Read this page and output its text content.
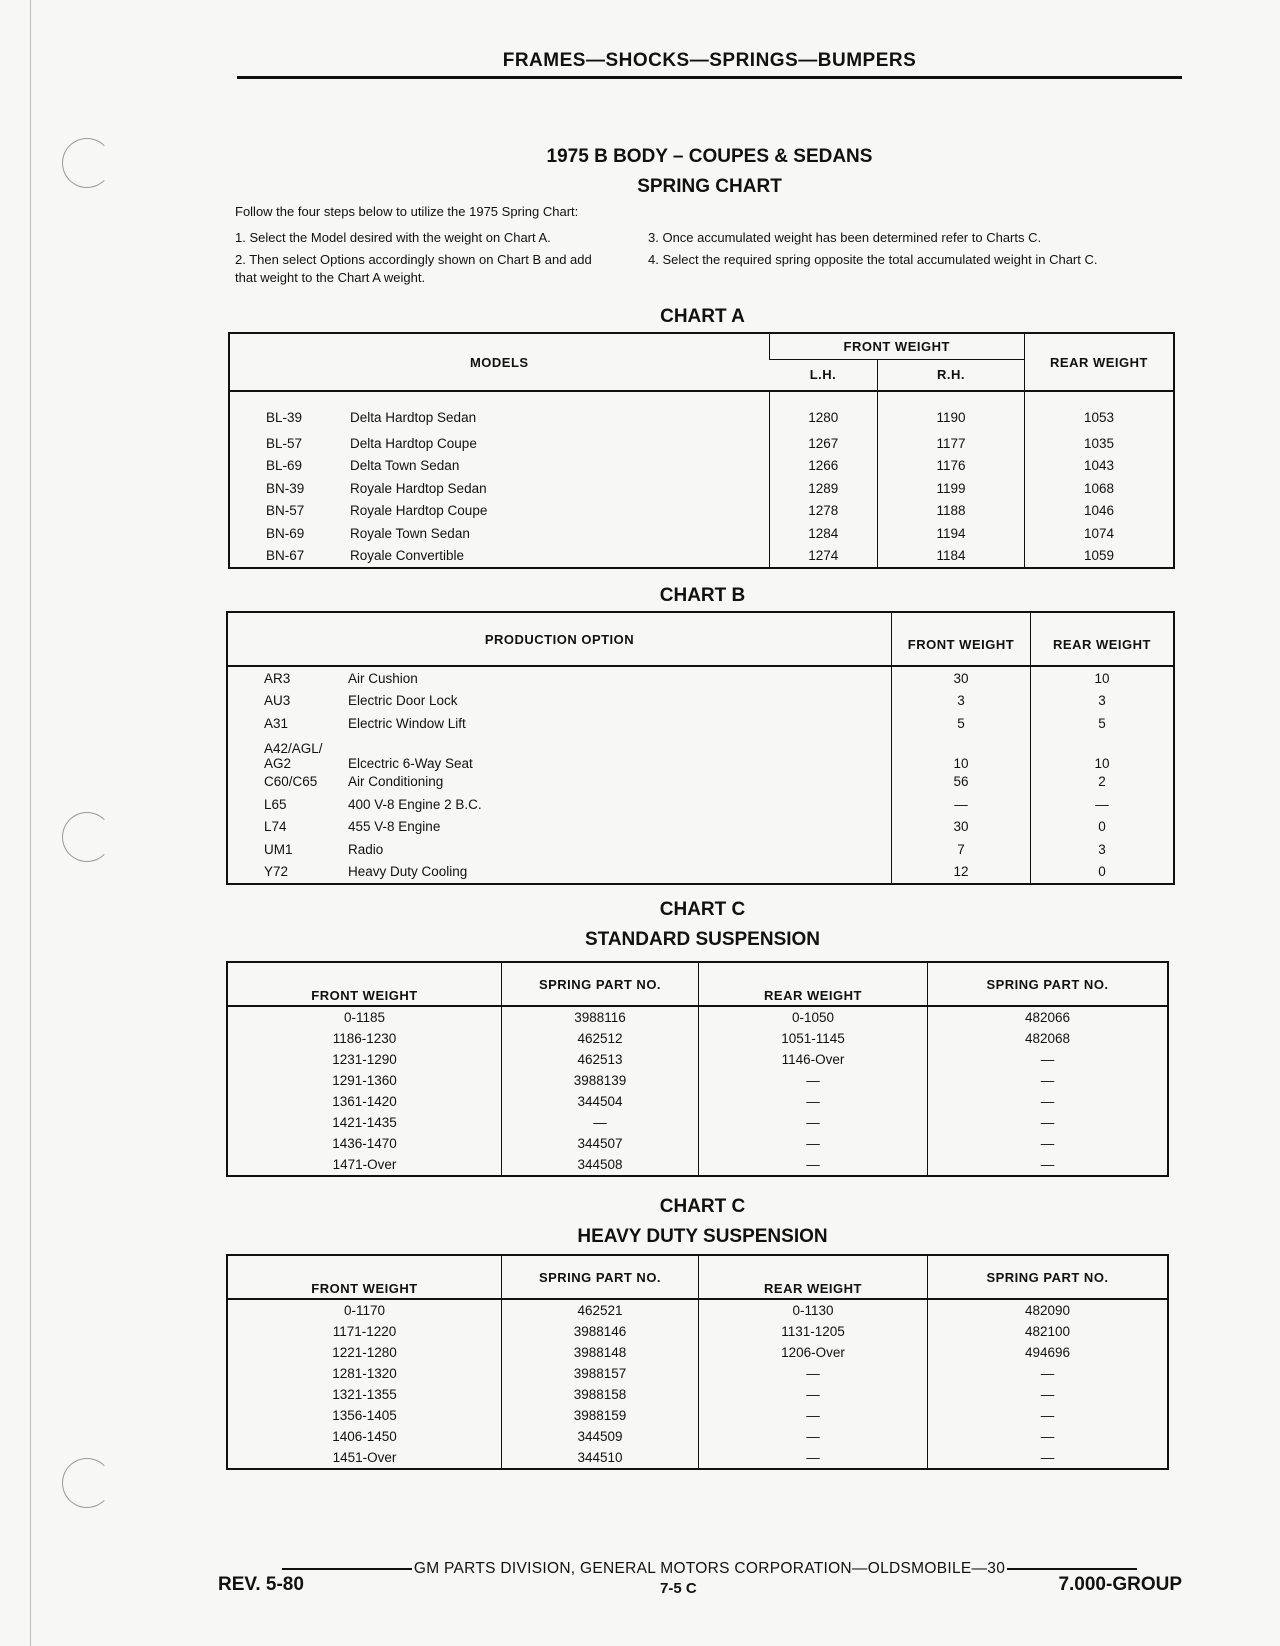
FRAMES—SHOCKS—SPRINGS—BUMPERS
1975 B BODY – COUPES & SEDANS
SPRING CHART
Follow the four steps below to utilize the 1975 Spring Chart:
1. Select the Model desired with the weight on Chart A.
2. Then select Options accordingly shown on Chart B and add that weight to the Chart A weight.
3. Once accumulated weight has been determined refer to Charts C.
4. Select the required spring opposite the total accumulated weight in Chart C.
CHART A
MODELS		FRONT WEIGHT		REAR WEIGHT
		L.H.	R.H.	
BL-39	Delta Hardtop Sedan	1280	1190	1053
BL-57	Delta Hardtop Coupe	1267	1177	1035
BL-69	Delta Town Sedan	1266	1176	1043
BN-39	Royale Hardtop Sedan	1289	1199	1068
BN-57	Royale Hardtop Coupe	1278	1188	1046
BN-69	Royale Town Sedan	1284	1194	1074
BN-67	Royale Convertible	1274	1184	1059
CHART B
PRODUCTION OPTION		FRONT WEIGHT	REAR WEIGHT
AR3	Air Cushion	30	10
AU3	Electric Door Lock	3	3
A31	Electric Window Lift	5	5
A42/AGL/ AG2	Elcectric 6-Way Seat	10	10
C60/C65	Air Conditioning	56	2
L65	400 V-8 Engine 2 B.C.	—	—
L74	455 V-8 Engine	30	0
UM1	Radio	7	3
Y72	Heavy Duty Cooling	12	0
CHART C
STANDARD SUSPENSION
FRONT WEIGHT	SPRING PART NO.	REAR WEIGHT	SPRING PART NO.
0-1185	3988116	0-1050	482066
1186-1230	462512	1051-1145	482068
1231-1290	462513	1146-Over	—
1291-1360	3988139	—	—
1361-1420	344504	—	—
1421-1435	—	—	—
1436-1470	344507	—	—
1471-Over	344508	—	—
CHART C
HEAVY DUTY SUSPENSION
FRONT WEIGHT	SPRING PART NO.	REAR WEIGHT	SPRING PART NO.
0-1170	462521	0-1130	482090
1171-1220	3988146	1131-1205	482100
1221-1280	3988148	1206-Over	494696
1281-1320	3988157	—	—
1321-1355	3988158	—	—
1356-1405	3988159	—	—
1406-1450	344509	—	—
1451-Over	344510	—	—
GM PARTS DIVISION, GENERAL MOTORS CORPORATION—OLDSMOBILE—30
REV. 5-80	7-5 C	7.000-GROUP
